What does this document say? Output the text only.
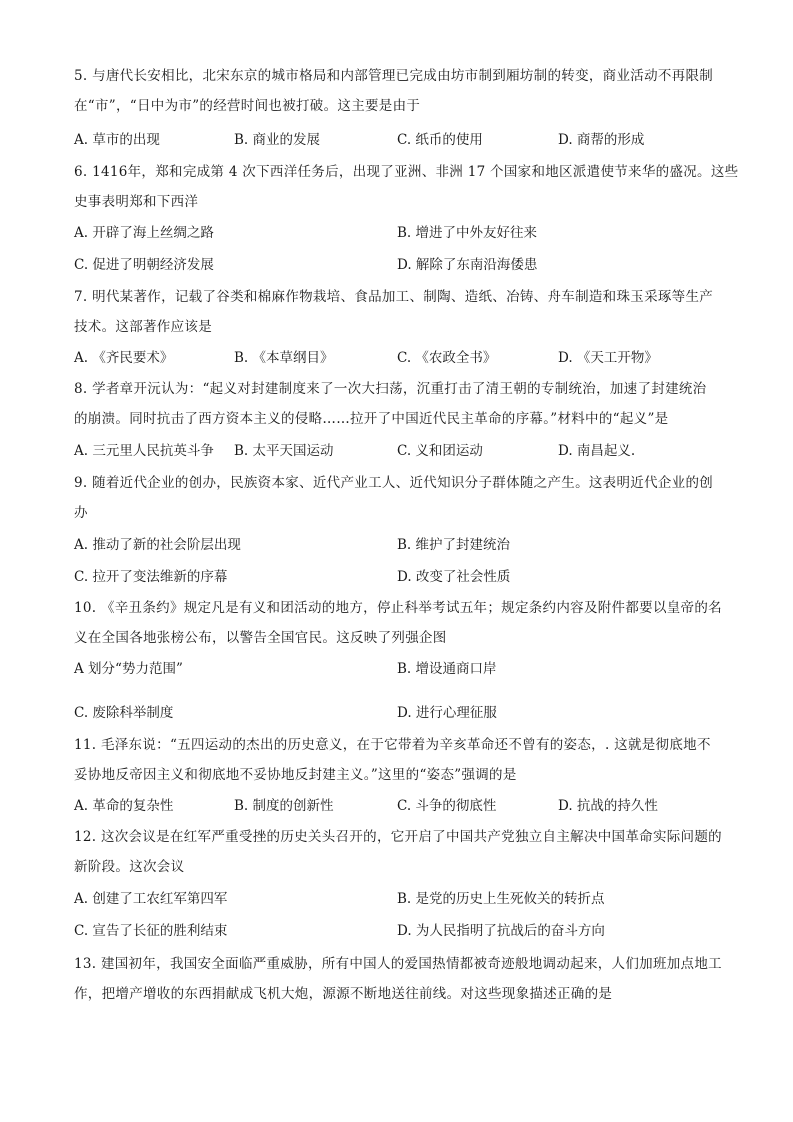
5. 与唐代长安相比，北宋东京的城市格局和内部管理已完成由坊市制到厢坊制的转变，商业活动不再限制
在“市”，“日中为市”的经营时间也被打破。这主要是由于
A. 草市的出现	B. 商业的发展	C. 纸币的使用	D. 商帮的形成
6. 1416年，郑和完成第 4 次下西洋任务后，出现了亚洲、非洲 17 个国家和地区派遣使节来华的盛况。这些
史事表明郑和下西洋
A. 开辟了海上丝绸之路	B. 增进了中外友好往来
C. 促进了明朝经济发展	D. 解除了东南沿海倭患
7. 明代某著作，记载了谷类和棉麻作物栽培、食品加工、制陶、造纸、冶铸、舟车制造和珠玉采琢等生产
技术。这部著作应该是
A. 《齐民要术》	B. 《本草纲目》	C. 《农政全书》	D. 《天工开物》
8. 学者章开沅认为：“起义对封建制度来了一次大扫荡，沉重打击了清王朝的专制统治，加速了封建统治
的崩溃。同时抗击了西方资本主义的侵略……拉开了中国近代民主革命的序幕。”材料中的“起义”是
A. 三元里人民抗英斗争 B. 太平天国运动	C. 义和团运动	D. 南昌起义.
9. 随着近代企业的创办，民族资本家、近代产业工人、近代知识分子群体随之产生。这表明近代企业的创
办
A. 推动了新的社会阶层出现	B. 维护了封建统治
C. 拉开了变法维新的序幕	D. 改变了社会性质
10. 《辛丑条约》规定凡是有义和团活动的地方，停止科举考试五年；规定条约内容及附件都要以皇帝的名
义在全国各地张榜公布，以警告全国官民。这反映了列强企图
A 划分“势力范围”	B. 增设通商口岸
C. 废除科举制度	D. 进行心理征服
11. 毛泽东说：“五四运动的杰出的历史意义，在于它带着为辛亥革命还不曾有的姿态，. 这就是彻底地不
妥协地反帝因主义和彻底地不妥协地反封建主义。”这里的“姿态”强调的是
A. 革命的复杂性	B. 制度的创新性	C. 斗争的彻底性	D. 抗战的持久性
12. 这次会议是在红军严重受挫的历史关头召开的，它开启了中国共产党独立自主解决中国革命实际问题的
新阶段。这次会议
A. 创建了工农红军第四军	B. 是党的历史上生死攸关的转折点
C. 宣告了长征的胜利结束	D. 为人民指明了抗战后的奋斗方向
13. 建国初年，我国安全面临严重威胁，所有中国人的爱国热情都被奇迹般地调动起来，人们加班加点地工
作，把增产增收的东西捐献成飞机大炮，源源不断地送往前线。对这些现象描述正确的是
